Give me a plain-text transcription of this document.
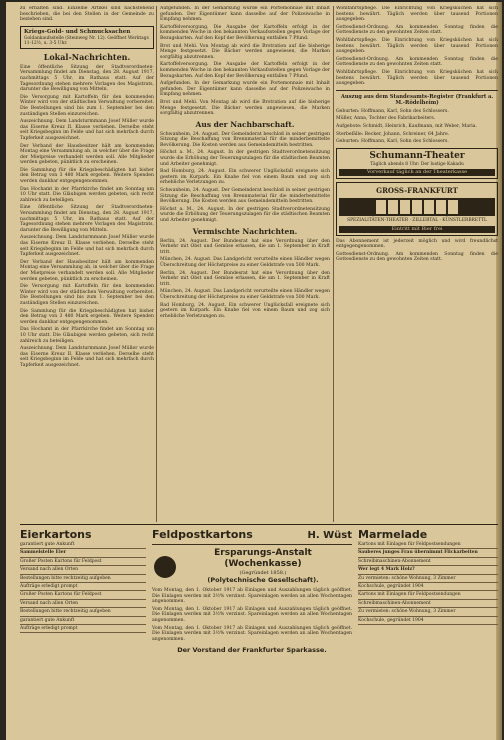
zu erhalten sind. Einzelne Artikel sind nachstehend beschrieben, die bei den Stellen in der Gemeinde zu beziehen sind.

Kriegs-Gold- und Schmucksachen
Goldankaufsstelle (Steinweg Nr. 12). Geöffnet Werktags 11-12½, u. 3-5 Uhr.
Lokal-Nachrichten.

Eine öffentliche Sitzung der Stadtverordneten-Versammlung findet am Dienstag, den 28. August 1917, nachmittags 5 Uhr, im Rathaus statt. Auf der Tagesordnung stehen mehrere Vorlagen des Magistrats, darunter die Bewilligung von Mitteln.

Die Versorgung mit Kartoffeln für den kommenden Winter wird von der städtischen Verwaltung vorbereitet. Die Bestellungen sind bis zum 1. September bei den zuständigen Stellen einzureichen.

Auszeichnung. Dem Landsturmmann Josef Müller wurde das Eiserne Kreuz II. Klasse verliehen. Derselbe steht seit Kriegsbeginn im Felde und hat sich mehrfach durch Tapferkeit ausgezeichnet.

Der Verband der Hausbesitzer hält am kommenden Montag eine Versammlung ab, in welcher über die Frage der Mietpreise verhandelt werden soll. Alle Mitglieder werden gebeten, pünktlich zu erscheinen.

Die Sammlung für die Kriegsbeschädigten hat bisher den Betrag von 3 480 Mark ergeben. Weitere Spenden werden dankbar entgegengenommen.

Das Hochamt in der Pfarrkirche findet am Sonntag um 10 Uhr statt. Die Gläubigen werden gebeten, sich recht zahlreich zu beteiligen.

Eine öffentliche Sitzung der Stadtverordneten-Versammlung findet am Dienstag, den 28. August 1917, nachmittags 5 Uhr, im Rathaus statt. Auf der Tagesordnung stehen mehrere Vorlagen des Magistrats, darunter die Bewilligung von Mitteln.

Auszeichnung. Dem Landsturmmann Josef Müller wurde das Eiserne Kreuz II. Klasse verliehen. Derselbe steht seit Kriegsbeginn im Felde und hat sich mehrfach durch Tapferkeit ausgezeichnet.

Der Verband der Hausbesitzer hält am kommenden Montag eine Versammlung ab, in welcher über die Frage der Mietpreise verhandelt werden soll. Alle Mitglieder werden gebeten, pünktlich zu erscheinen.

Die Versorgung mit Kartoffeln für den kommenden Winter wird von der städtischen Verwaltung vorbereitet. Die Bestellungen sind bis zum 1. September bei den zuständigen Stellen einzureichen.

Die Sammlung für die Kriegsbeschädigten hat bisher den Betrag von 3 480 Mark ergeben. Weitere Spenden werden dankbar entgegengenommen.

Das Hochamt in der Pfarrkirche findet am Sonntag um 10 Uhr statt. Die Gläubigen werden gebeten, sich recht zahlreich zu beteiligen.

Auszeichnung. Dem Landsturmmann Josef Müller wurde das Eiserne Kreuz II. Klasse verliehen. Derselbe steht seit Kriegsbeginn im Felde und hat sich mehrfach durch Tapferkeit ausgezeichnet.

Aufgefunden. In der Gemarkung wurde ein Portemonnaie mit Inhalt gefunden. Der Eigentümer kann dasselbe auf der Polizeiwache in Empfang nehmen.

Kartoffelversorgung. Die Ausgabe der Kartoffeln erfolgt in der kommenden Woche in den bekannten Verkaufsstellen gegen Vorlage der Bezugskarten. Auf den Kopf der Bevölkerung entfallen 7 Pfund.

Brot und Mehl. Von Montag ab wird die Brotration auf die bisherige Menge festgesetzt. Die Bäcker werden angewiesen, die Marken sorgfältig abzutrennen.

Kartoffelversorgung. Die Ausgabe der Kartoffeln erfolgt in der kommenden Woche in den bekannten Verkaufsstellen gegen Vorlage der Bezugskarten. Auf den Kopf der Bevölkerung entfallen 7 Pfund.

Aufgefunden. In der Gemarkung wurde ein Portemonnaie mit Inhalt gefunden. Der Eigentümer kann dasselbe auf der Polizeiwache in Empfang nehmen.

Brot und Mehl. Von Montag ab wird die Brotration auf die bisherige Menge festgesetzt. Die Bäcker werden angewiesen, die Marken sorgfältig abzutrennen.

Aus der Nachbarschaft.

Schwanheim, 24. August. Der Gemeinderat beschloß in seiner gestrigen Sitzung die Beschaffung von Brennmaterial für die minderbemittelte Bevölkerung. Die Kosten werden aus Gemeindemitteln bestritten.

Höchst a. M., 24. August. In der gestrigen Stadtverordnetensitzung wurde die Erhöhung der Teuerungszulagen für die städtischen Beamten und Arbeiter genehmigt.

Bad Homburg, 24. August. Ein schwerer Unglücksfall ereignete sich gestern im Kurpark. Ein Knabe fiel von einem Baum und zog sich erhebliche Verletzungen zu.

Schwanheim, 24. August. Der Gemeinderat beschloß in seiner gestrigen Sitzung die Beschaffung von Brennmaterial für die minderbemittelte Bevölkerung. Die Kosten werden aus Gemeindemitteln bestritten.

Höchst a. M., 24. August. In der gestrigen Stadtverordnetensitzung wurde die Erhöhung der Teuerungszulagen für die städtischen Beamten und Arbeiter genehmigt.

Vermischte Nachrichten.

Berlin, 24. August. Der Bundesrat hat eine Verordnung über den Verkehr mit Obst und Gemüse erlassen, die am 1. September in Kraft tritt.

München, 24. August. Das Landgericht verurteilte einen Händler wegen Überschreitung der Höchstpreise zu einer Geldstrafe von 500 Mark.

Berlin, 24. August. Der Bundesrat hat eine Verordnung über den Verkehr mit Obst und Gemüse erlassen, die am 1. September in Kraft tritt.

München, 24. August. Das Landgericht verurteilte einen Händler wegen Überschreitung der Höchstpreise zu einer Geldstrafe von 500 Mark.

Bad Homburg, 24. August. Ein schwerer Unglücksfall ereignete sich gestern im Kurpark. Ein Knabe fiel von einem Baum und zog sich erhebliche Verletzungen zu.

Wohlfahrtspflege. Die Einrichtung von Kriegsküchen hat sich bestens bewährt. Täglich werden über tausend Portionen ausgegeben.

Gottesdienst-Ordnung. Am kommenden Sonntag finden die Gottesdienste zu den gewohnten Zeiten statt.

Wohlfahrtspflege. Die Einrichtung von Kriegsküchen hat sich bestens bewährt. Täglich werden über tausend Portionen ausgegeben.

Gottesdienst-Ordnung. Am kommenden Sonntag finden die Gottesdienste zu den gewohnten Zeiten statt.

Wohlfahrtspflege. Die Einrichtung von Kriegsküchen hat sich bestens bewährt. Täglich werden über tausend Portionen ausgegeben.

Auszug aus dem Standesamts-Register (Frankfurt a. M.-Rödelheim)

Geburten: Hoffmann, Karl, Sohn des Schlossers.

Müller, Anna, Tochter des Fabrikarbeiters.

Aufgebote: Schmidt, Heinrich, Kaufmann, mit Weber, Maria.

Sterbefälle: Becker, Johann, Schreiner, 64 Jahre.

Geburten: Hoffmann, Karl, Sohn des Schlossers.

Schumann-Theater
Täglich abends 8 Uhr: Der lustige Kakadu
Vorverkauf täglich an der Theaterkasse
GROSS-FRANKFURT
SPEZIALITÄTEN-THEATER · ZILLERTAL · KÜNSTLERBRETTL
Eintritt mit Bier frei

Das Abonnement ist jederzeit möglich und wird freundlichst entgegengenommen.

Gottesdienst-Ordnung. Am kommenden Sonntag finden die Gottesdienste zu den gewohnten Zeiten statt.

Eierkartons
garantiert gute Ankunft
Sammelstelle Eier
Großer Posten Kartons für Feldpost
Versand nach allen Orten
Bestellungen bitte rechtzeitig aufgeben
Aufträge erledigt prompt
Großer Posten Kartons für Feldpost
Versand nach allen Orten
Bestellungen bitte rechtzeitig aufgeben
garantiert gute Ankunft
Aufträge erledigt prompt
Feldpostkartons	H. Wüst
Ersparungs-Anstalt (Wochenkasse)
(Gegründet 1858.)
(Polytechnische Gesellschaft).

Vom Montag, den 1. Oktober 1917 ab Einlagen und Auszahlungen täglich geöffnet. Die Einlagen werden mit 3½% verzinst. Spareinlagen werden an allen Wochentagen angenommen.

Vom Montag, den 1. Oktober 1917 ab Einlagen und Auszahlungen täglich geöffnet. Die Einlagen werden mit 3½% verzinst. Spareinlagen werden an allen Wochentagen angenommen.

Vom Montag, den 1. Oktober 1917 ab Einlagen und Auszahlungen täglich geöffnet. Die Einlagen werden mit 3½% verzinst. Spareinlagen werden an allen Wochentagen angenommen.

Der Vorstand der Frankfurter Sparkasse.
Marmelade
Kartons mit Einlagen für Feldpostsendungen
Sauberes junges Frau übernimmt Flickarbeiten
Schreibmaschinen-Abonnement
Wer legt 4 Mark Holz?
Zu vermieten: schöne Wohnung, 3 Zimmer
Kochschule, gegründet 1904
Kartons mit Einlagen für Feldpostsendungen
Schreibmaschinen-Abonnement
Zu vermieten: schöne Wohnung, 3 Zimmer
Kochschule, gegründet 1904
